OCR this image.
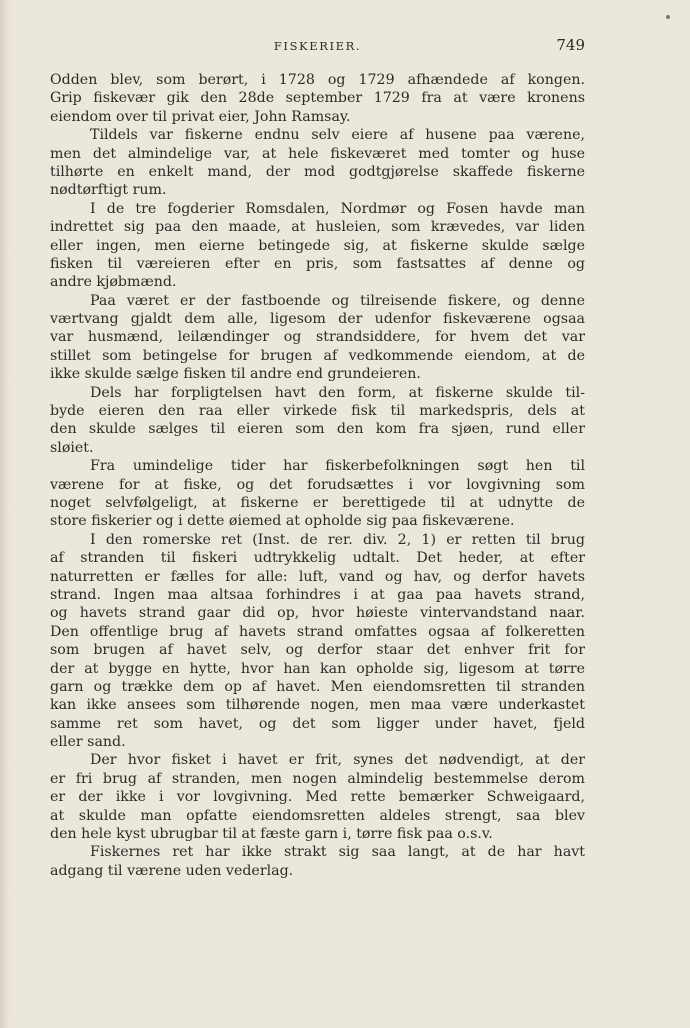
FISKERIER.	749
Odden blev, som berørt, i 1728 og 1729 afhændede af kongen.
Grip fiskevær gik den 28de september 1729 fra at være kronens
eiendom over til privat eier, John Ramsay.
Tildels var fiskerne endnu selv eiere af husene paa værene,
men det almindelige var, at hele fiskeværet med tomter og huse
tilhørte en enkelt mand, der mod godtgjørelse skaffede fiskerne
nødtørftigt rum.
I de tre fogderier Romsdalen, Nordmør og Fosen havde man
indrettet sig paa den maade, at husleien, som krævedes, var liden
eller ingen, men eierne betingede sig, at fiskerne skulde sælge
fisken til væreieren efter en pris, som fastsattes af denne og
andre kjøbmænd.
Paa været er der fastboende og tilreisende fiskere, og denne
værtvang gjaldt dem alle, ligesom der udenfor fiskeværene ogsaa
var husmænd, leilændinger og strandsiddere, for hvem det var
stillet som betingelse for brugen af vedkommende eiendom, at de
ikke skulde sælge fisken til andre end grundeieren.
Dels har forpligtelsen havt den form, at fiskerne skulde til-
byde eieren den raa eller virkede fisk til markedspris, dels at
den skulde sælges til eieren som den kom fra sjøen, rund eller
sløiet.
Fra umindelige tider har fiskerbefolkningen søgt hen til
værene for at fiske, og det forudsættes i vor lovgivning som
noget selvfølgeligt, at fiskerne er berettigede til at udnytte de
store fiskerier og i dette øiemed at opholde sig paa fiskeværene.
I den romerske ret (Inst. de rer. div. 2, 1) er retten til brug
af stranden til fiskeri udtrykkelig udtalt. Det heder, at efter
naturretten er fælles for alle: luft, vand og hav, og derfor havets
strand. Ingen maa altsaa forhindres i at gaa paa havets strand,
og havets strand gaar did op, hvor høieste vintervandstand naar.
Den offentlige brug af havets strand omfattes ogsaa af folkeretten
som brugen af havet selv, og derfor staar det enhver frit for
der at bygge en hytte, hvor han kan opholde sig, ligesom at tørre
garn og trække dem op af havet. Men eiendomsretten til stranden
kan ikke ansees som tilhørende nogen, men maa være underkastet
samme ret som havet, og det som ligger under havet, fjeld
eller sand.
Der hvor fisket i havet er frit, synes det nødvendigt, at der
er fri brug af stranden, men nogen almindelig bestemmelse derom
er der ikke i vor lovgivning. Med rette bemærker Schweigaard,
at skulde man opfatte eiendomsretten aldeles strengt, saa blev
den hele kyst ubrugbar til at fæste garn i, tørre fisk paa o.s.v.
Fiskernes ret har ikke strakt sig saa langt, at de har havt
adgang til værene uden vederlag.
